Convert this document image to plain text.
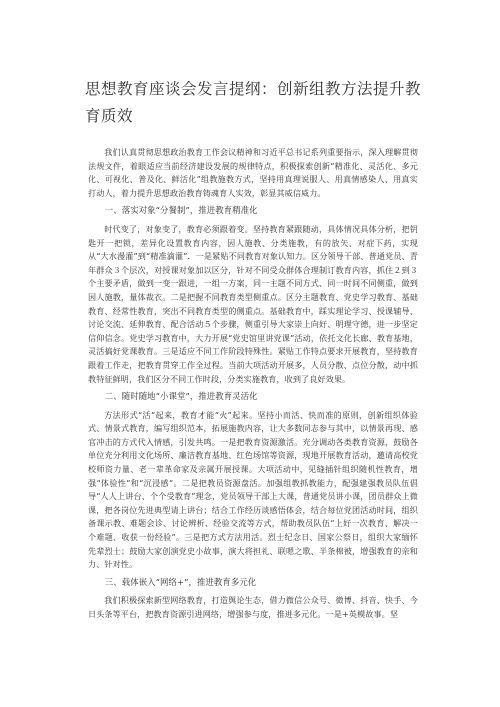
思想教育座谈会发言提纲：创新组教方法提升教育质效

我们认真贯彻思想政治教育工作会议精神和习近平总书记系列重要指示，深入理解贯彻法规文件，着眼适应当前经济建设发展的规律特点，积极探索创新“精准化、灵活化、多元化、可视化、普及化、鲜活化”组教施教方式，坚持用真理说服人、用真情感染人、用真实打动人，着力提升思想政治教育铸魂育人实效，彰显其威信威力。

一、落实对象“分餐制”，推进教育精准化

时代变了，对象变了，教育必须跟着变。坚持教育紧跟随动，具体情况具体分析，把钥匙开一把锁，差异化设置教育内容，因人施教、分类施教，有的放矢、对症下药，实现从“大水漫灌”到“精准滴灌”．一是紧贴不同教育对象认知力。区分领导干部、普通党员、青年群众３个层次，对授课对象加以区分，针对不同受众群体合理制订教育内容，抓住２到３个主要矛盾，做到一变一跟进，一组一方案，同一主题不同方式、同一时间不同侧重，做到因人施教，量体裁衣。二是把握不同教育类型侧重点。区分主题教育、党史学习教育、基础教育、经常性教育，突出不同教育类型的侧重点。基础教育中，踩实理论学习、授课辅导、讨论交流、延伸教育、配合活动５个步骤，侧重引导大家崇上向好、明理守德，进一步坚定信仰信念。党史学习教育中，大力开展“党史馆里讲党课”活动，依托文化长廊、教育基地，灵活搞好党课教育。三是适应不同工作阶段特殊性。紧贴工作特点要求开展教育，坚持教育跟着工作走，把教育贯穿工作全过程。当前大项活动开展多，人员分散、点位分散，动中抓教特征鲜明，我们区分不同工作时段，分类实施教育，收到了良好效果。

二、随时随地“小课堂”，推进教育灵活化

方法形式“活”起来，教育才能“火”起来。坚持小而活、快而准的原则，创新组织体验式、情景式教育，编写组织范本，拓展施教内容，让大多数同志参与其中，以情景再现、感官冲击的方式代入情感，引发共鸣。一是把教育资源激活。充分调动各类教育资源，鼓励各单位充分利用文化场所、廉洁教育基地、红色场馆等资源，现地开展教育活动，邀请高校党校师资力量、老一辈革命家及亲属开展授课。大项活动中，见缝插针组织随机性教育，增强“体验性”和“沉浸感”。二是把教员资源盘活。加强组教抓教能力，配强建强教员队伍倡导“人人上讲台、个个受教育”理念，党员领导干部上大课，普通党员讲小课，团员群众上微课，把各岗位先进典型请上讲台；结合工作经历谈感悟体会，结合每位党团活动时间，组织备课示教、难题会诊、讨论辨析、经验交流等方式，帮助教员队伍“上好一次教育、解决一个难题、收获一份经验”。三是把方式方法用活。烈士纪念日、国家公祭日，组织大家缅怀先辈烈士；鼓励大家创演党史小故事，演大将担礼、联嗯之歌、半条棉被，增强教育的亲和力、针对性。

三、载体嵌入“网络+”，推进教育多元化

我们积极探索新型网络教育，打造舆论生态，借力微信公众号、微博、抖音、快手、今日头条等平台，把教育资源引进网络，增强参与度，推进多元化。一是+英模故事。坚
